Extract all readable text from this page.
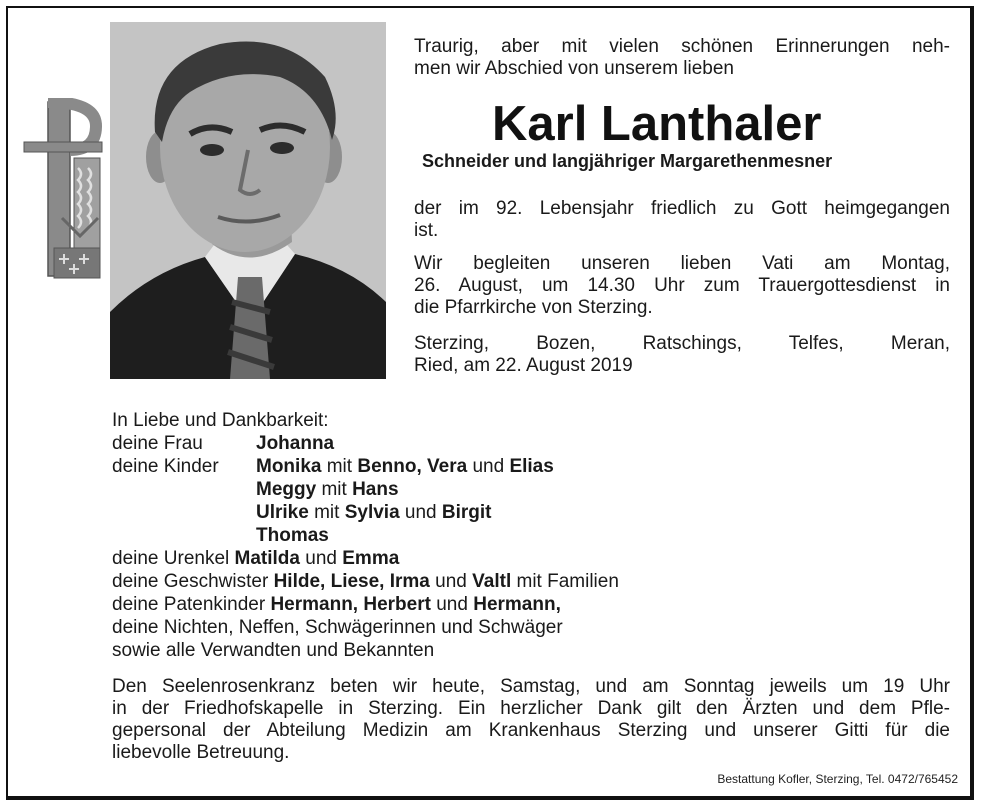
Traurig, aber mit vielen schönen Erinnerungen neh-

men wir Abschied von unserem lieben

Karl Lanthaler
Schneider und langjähriger Margarethenmesner

der im 92. Lebensjahr friedlich zu Gott heimgegangen

ist.

Wir begleiten unseren lieben Vati am Montag,

26. August, um 14.30 Uhr zum Trauergottesdienst in

die Pfarrkirche von Sterzing.

Sterzing, Bozen, Ratschings, Telfes, Meran,

Ried, am 22. August 2019

In Liebe und Dankbarkeit:
deine Frau	Johanna
deine Kinder Monika mit Benno, Vera und Elias
Meggy mit Hans
Ulrike mit Sylvia und Birgit
Thomas
deine Urenkel Matilda und Emma
deine Geschwister Hilde, Liese, Irma und Valtl mit Familien
deine Patenkinder Hermann, Herbert und Hermann,
deine Nichten, Neffen, Schwägerinnen und Schwäger
sowie alle Verwandten und Bekannten

Den Seelenrosenkranz beten wir heute, Samstag, und am Sonntag jeweils um 19 Uhr

in der Friedhofskapelle in Sterzing. Ein herzlicher Dank gilt den Ärzten und dem Pfle-

gepersonal der Abteilung Medizin am Krankenhaus Sterzing und unserer Gitti für die

liebevolle Betreuung.

Bestattung Kofler, Sterzing, Tel. 0472/765452
